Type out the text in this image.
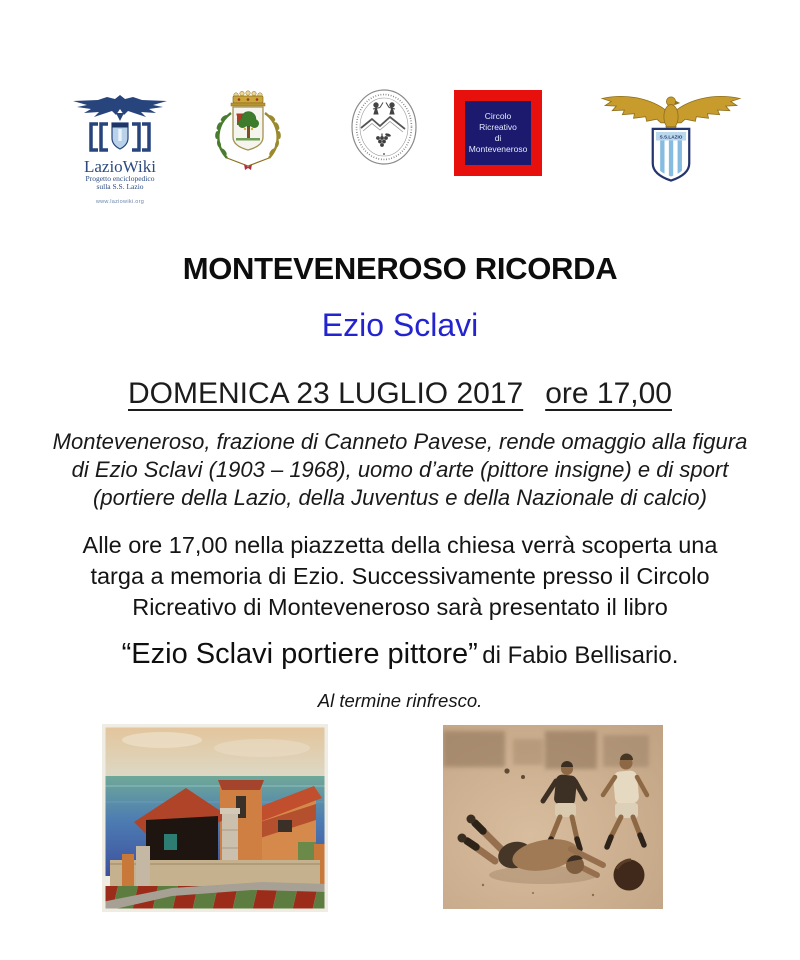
LazioWiki
Progetto enciclopedico
sulla S.S. Lazio
www.laziowiki.org
Circolo
Ricreativo
di
Monteveneroso
S.S.LAZIO
MONTEVENEROSO RICORDA
Ezio Sclavi
DOMENICA 23 LUGLIO 2017 ore 17,00
Monteveneroso, frazione di Canneto Pavese, rende omaggio alla figura
di Ezio Sclavi (1903 – 1968), uomo d’arte (pittore insigne) e di sport
(portiere della Lazio, della Juventus e della Nazionale di calcio)
Alle ore 17,00 nella piazzetta della chiesa verrà scoperta una
targa a memoria di Ezio. Successivamente presso il Circolo
Ricreativo di Monteveneroso sarà presentato il libro
“Ezio Sclavi portiere pittore” di Fabio Bellisario.
Al termine rinfresco.
